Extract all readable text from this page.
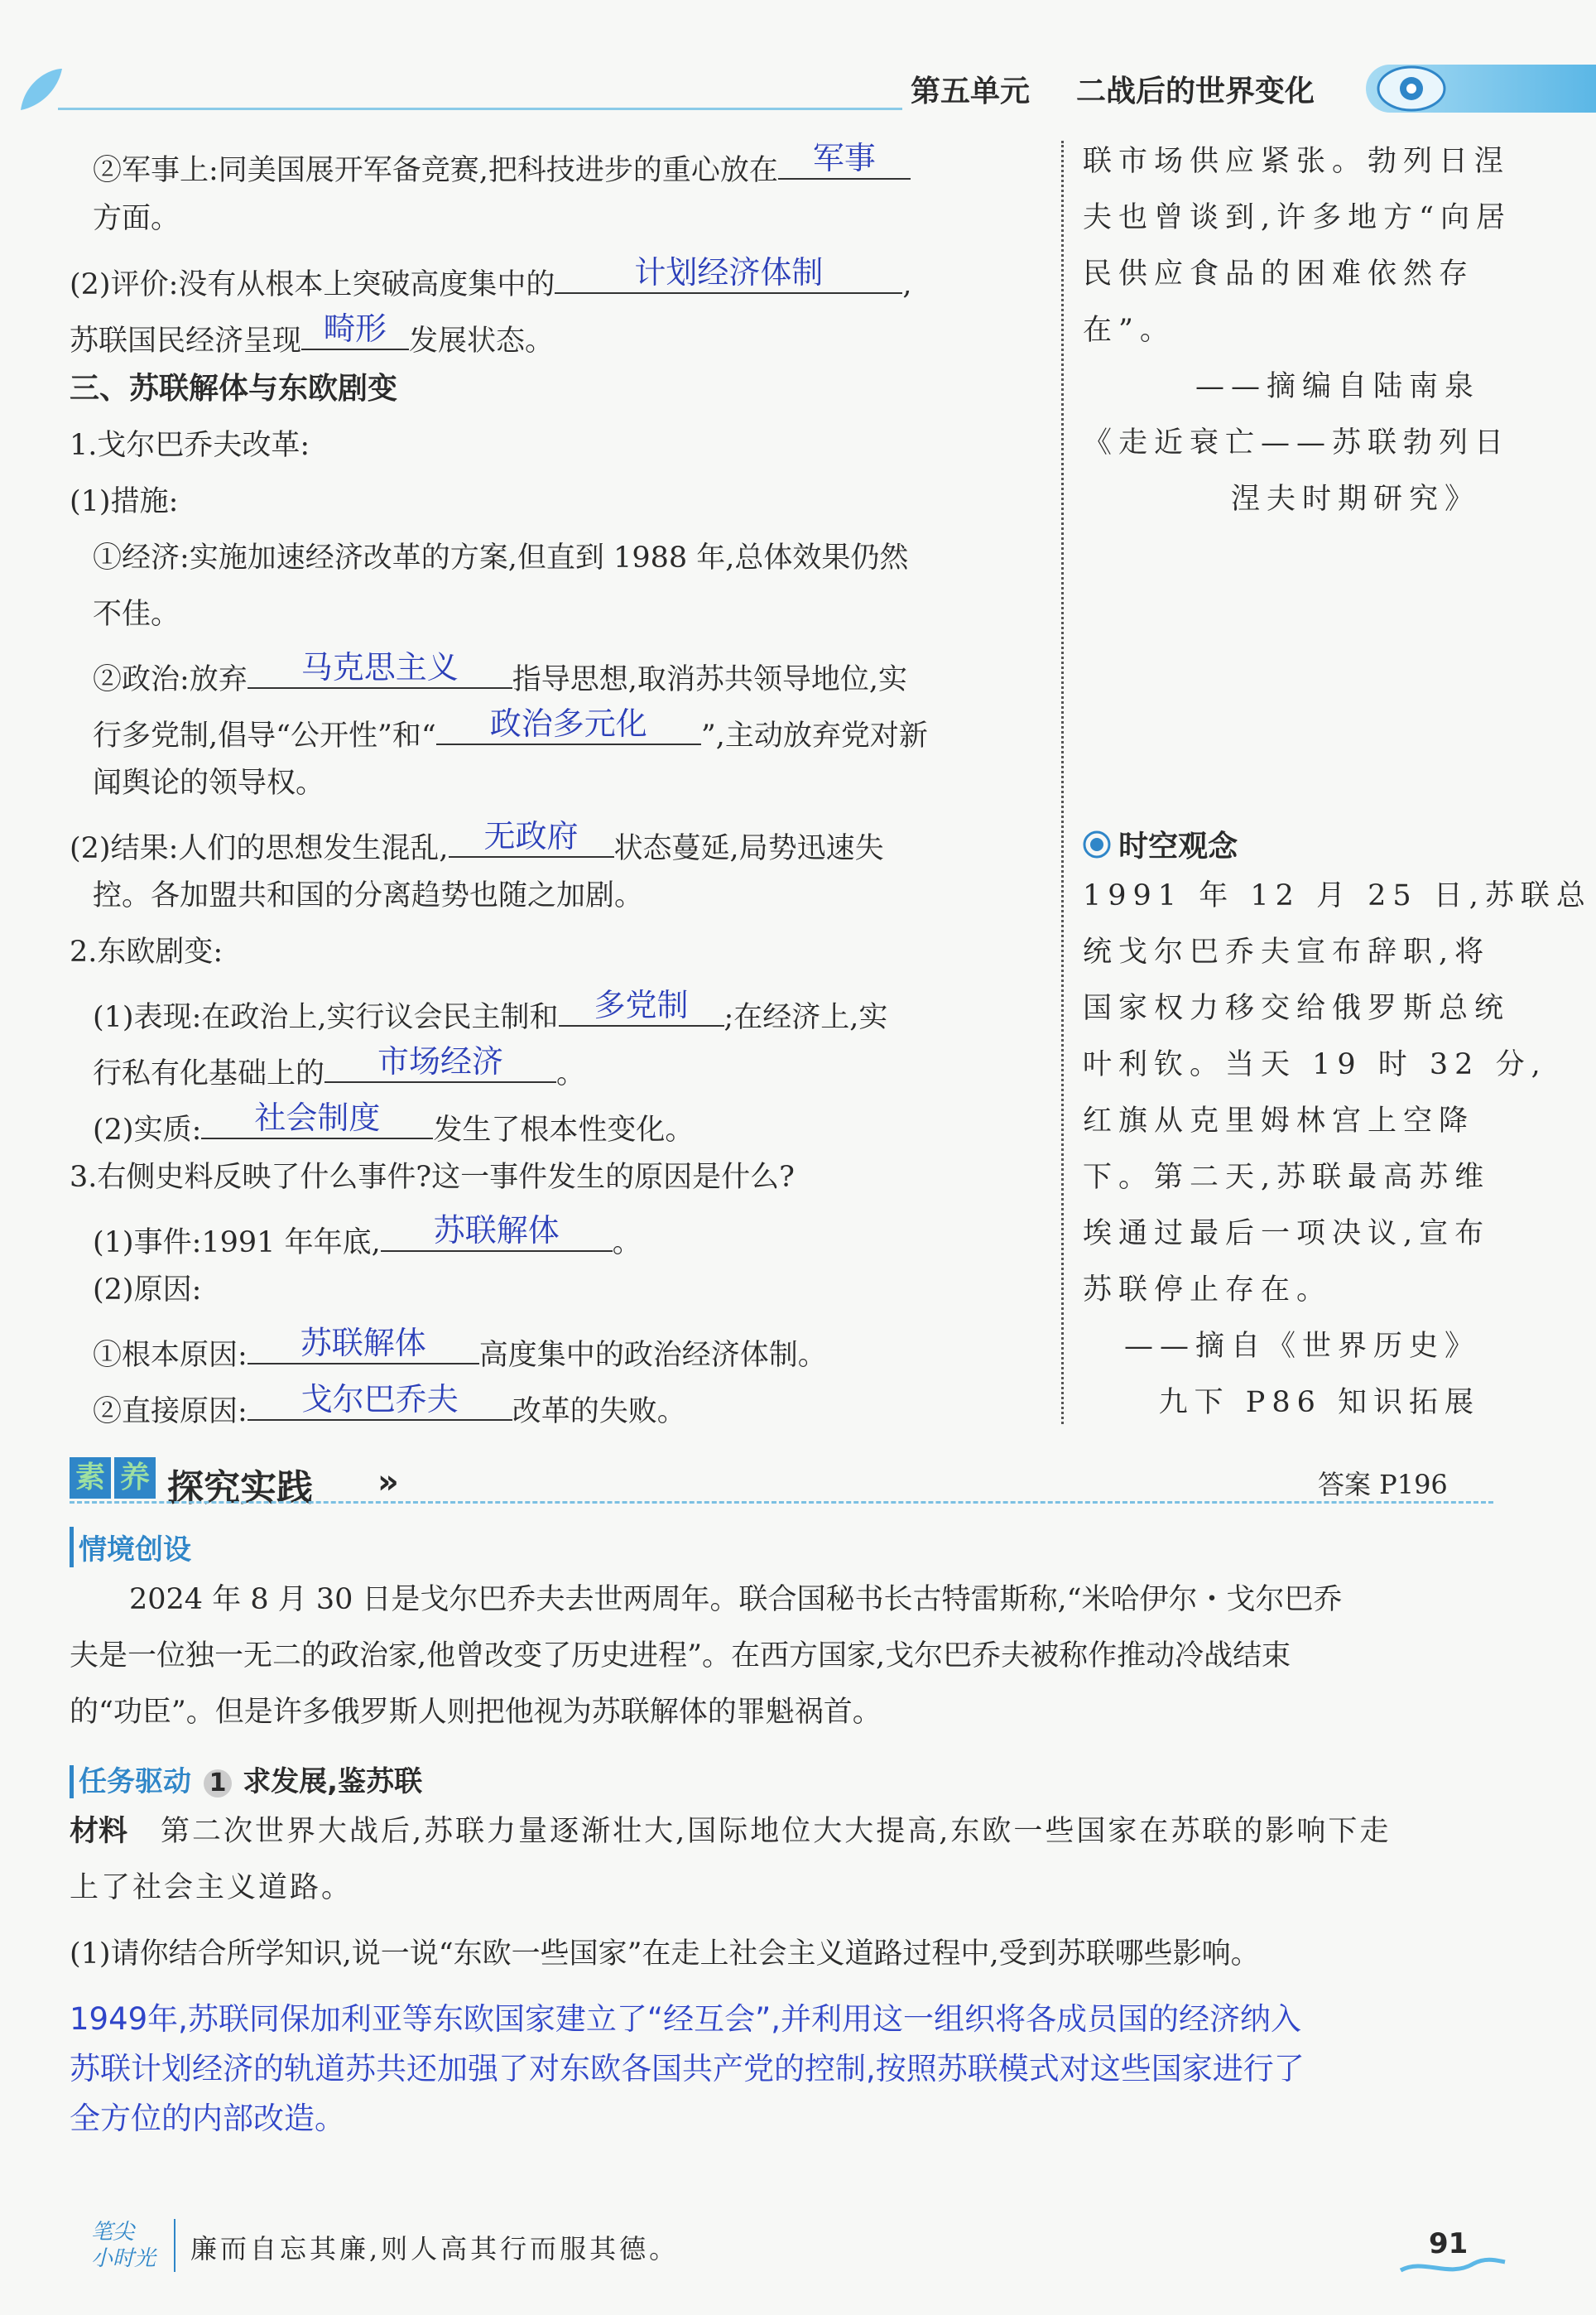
第五单元 二战后的世界变化
②军事上:同美国展开军备竞赛,把科技进步的重心放在	军事
方面。
(2)评价:没有从根本上突破高度集中的	计划经济体制	,
苏联国民经济呈现 畸形 发展状态。
三、苏联解体与东欧剧变
1.戈尔巴乔夫改革:
(1)措施:
①经济:实施加速经济改革的方案,但直到 1988 年,总体效果仍然
不佳。
②政治:放弃	马克思主义	指导思想,取消苏共领导地位,实
行多党制,倡导“公开性”和“	政治多元化	”,主动放弃党对新
闻舆论的领导权。
(2)结果:人们的思想发生混乱,	无政府	状态蔓延,局势迅速失
控。各加盟共和国的分离趋势也随之加剧。
2.东欧剧变:
(1)表现:在政治上,实行议会民主制和	多党制	;在经济上,实
行私有化基础上的	市场经济	。
(2)实质:	社会制度	发生了根本性变化。
3.右侧史料反映了什么事件?这一事件发生的原因是什么?
(1)事件:1991 年年底,	苏联解体	。
(2)原因:
①根本原因:	苏联解体	高度集中的政治经济体制。
②直接原因:	戈尔巴乔夫	改革的失败。
联市场供应紧张。勃列日涅
夫也曾谈到,许多地方“向居
民供应食品的困难依然存
在”。
——摘编自陆南泉
《走近衰亡——苏联勃列日
涅夫时期研究》
时空观念
1991 年 12 月 25 日,苏联总
统戈尔巴乔夫宣布辞职,将
国家权力移交给俄罗斯总统
叶利钦。当天 19 时 32 分,
红旗从克里姆林宫上空降
下。第二天,苏联最高苏维
埃通过最后一项决议,宣布
苏联停止存在。
——摘自《世界历史》
九下 P86 知识拓展
素 养 探究实践 »	答案 P196
情境创设
2024 年 8 月 30 日是戈尔巴乔夫去世两周年。联合国秘书长古特雷斯称,“米哈伊尔・戈尔巴乔
夫是一位独一无二的政治家,他曾改变了历史进程”。在西方国家,戈尔巴乔夫被称作推动冷战结束
的“功臣”。但是许多俄罗斯人则把他视为苏联解体的罪魁祸首。
任务驱动 1 求发展,鉴苏联
材料 第二次世界大战后,苏联力量逐渐壮大,国际地位大大提高,东欧一些国家在苏联的影响下走
上了社会主义道路。
(1)请你结合所学知识,说一说“东欧一些国家”在走上社会主义道路过程中,受到苏联哪些影响。
1949年,苏联同保加利亚等东欧国家建立了“经互会”,并利用这一组织将各成员国的经济纳入
苏联计划经济的轨道苏共还加强了对东欧各国共产党的控制,按照苏联模式对这些国家进行了
全方位的内部改造。
笔尖
小时光 廉而自忘其廉,则人高其行而服其德。	91
